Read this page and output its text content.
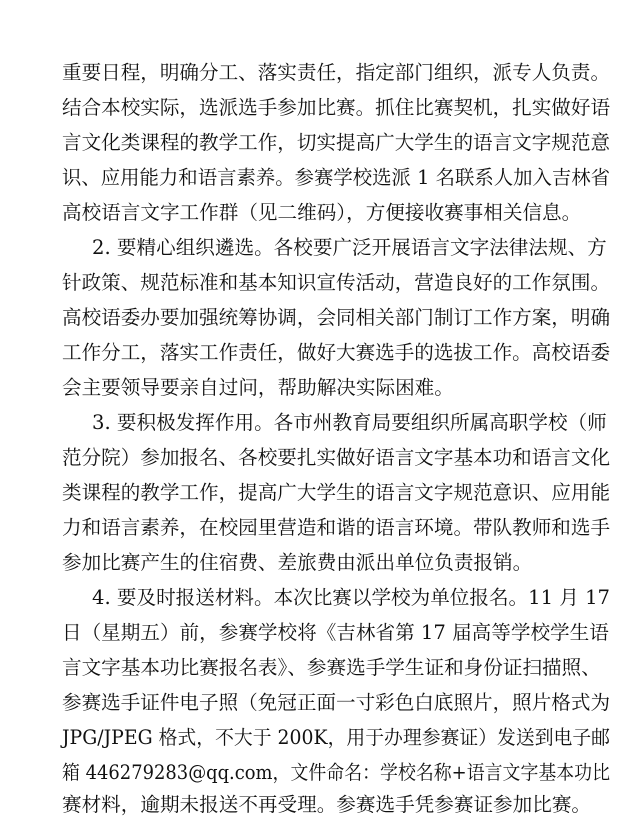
重要日程，明确分工、落实责任，指定部门组织，派专人负责。
结合本校实际，选派选手参加比赛。抓住比赛契机，扎实做好语
言文化类课程的教学工作，切实提高广大学生的语言文字规范意
识、应用能力和语言素养。参赛学校选派 1 名联系人加入吉林省
高校语言文字工作群（见二维码），方便接收赛事相关信息。
2. 要精心组织遴选。各校要广泛开展语言文字法律法规、方
针政策、规范标准和基本知识宣传活动，营造良好的工作氛围。
高校语委办要加强统筹协调，会同相关部门制订工作方案，明确
工作分工，落实工作责任，做好大赛选手的选拔工作。高校语委
会主要领导要亲自过问，帮助解决实际困难。
3. 要积极发挥作用。各市州教育局要组织所属高职学校（师
范分院）参加报名、各校要扎实做好语言文字基本功和语言文化
类课程的教学工作，提高广大学生的语言文字规范意识、应用能
力和语言素养，在校园里营造和谐的语言环境。带队教师和选手
参加比赛产生的住宿费、差旅费由派出单位负责报销。
4. 要及时报送材料。本次比赛以学校为单位报名。11 月 17
日（星期五）前，参赛学校将《吉林省第 17 届高等学校学生语
言文字基本功比赛报名表》、参赛选手学生证和身份证扫描照、
参赛选手证件电子照（免冠正面一寸彩色白底照片，照片格式为
JPG/JPEG 格式，不大于 200K，用于办理参赛证）发送到电子邮
箱 446279283@qq.com，文件命名：学校名称+语言文字基本功比
赛材料，逾期未报送不再受理。参赛选手凭参赛证参加比赛。
